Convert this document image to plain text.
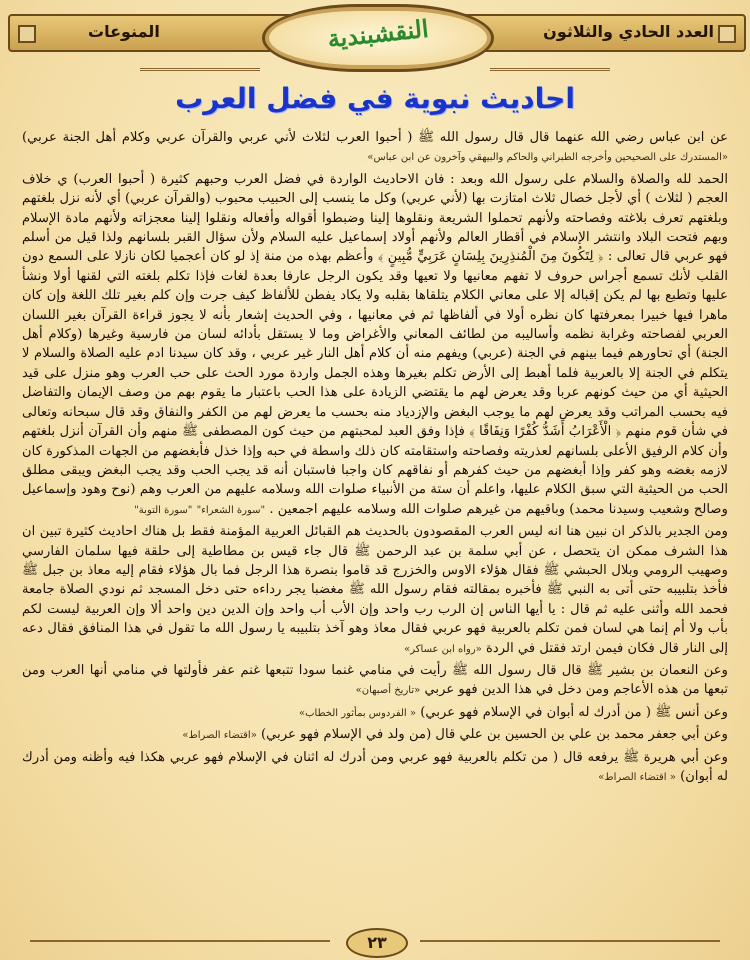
العدد الحادي والثلاثون
المنوعات	النقشبندية
احاديث نبوية في فضل العرب

عن ابن عباس رضي الله عنهما قال قال رسول الله ﷺ ( أحبوا العرب لثلاث لأني عربي والقرآن عربي وكلام أهل الجنة عربي) «المستدرك على الصحيحين وأخرجه الطبراني والحاكم والبيهقي وآخرون عن ابن عباس»

الحمد لله والصلاة والسلام على رسول الله وبعد : فان الاحاديث الواردة في فضل العرب وحبهم كثيرة ( أحبوا العرب) ي خلاف العجم ( لثلاث ) أي لأجل خصال ثلاث امتازت بها (لأني عربي) وكل ما ينسب إلى الحبيب محبوب (والقرآن عربي) أي لأنه نزل بلغتهم وبلغتهم تعرف بلاغته وفصاحته ولأنهم تحملوا الشريعة ونقلوها إلينا وضبطوا أقواله وأفعاله ونقلوا إلينا معجزاته ولأنهم مادة الإسلام وبهم فتحت البلاد وانتشر الإسلام في أقطار العالم ولأنهم أولاد إسماعيل عليه السلام ولأن سؤال القبر بلسانهم ولذا قيل من أسلم فهو عربي قال تعالى : ﴿ لِتَكُونَ مِنَ الْمُنذِرِينَ بِلِسَانٍ عَرَبِيٍّ مُّبِينٍ ﴾ وأعظم بهذه من منة إذ لو كان أعجميا لكان نازلا على السمع دون القلب لأنك تسمع أجراس حروف لا تفهم معانيها ولا تعيها وقد يكون الرجل عارفا بعدة لغات فإذا تكلم بلغته التي لقنها أولا ونشأ عليها وتطبع بها لم يكن إقباله إلا على معاني الكلام يتلقاها بقلبه ولا يكاد يفطن للألفاظ كيف جرت وإن كلم بغير تلك اللغة وإن كان ماهرا فيها خبيرا بمعرفتها كان نظره أولا في ألفاظها ثم في معانيها ، وفي الحديث إشعار بأنه لا يجوز قراءة القرآن بغير اللسان العربي لفصاحته وغرابة نظمه وأساليبه من لطائف المعاني والأغراض وما لا يستقل بأدائه لسان من فارسية وغيرها (وكلام أهل الجنة) أي تحاورهم فيما بينهم في الجنة (عربي) ويفهم منه أن كلام أهل النار غير عربي ، وقد كان سيدنا ادم عليه الصلاة والسلام لا يتكلم في الجنة إلا بالعربية فلما أهبط إلى الأرض تكلم بغيرها وهذه الجمل واردة مورد الحث على حب العرب وهو منزل على قيد الحيثية أي من حيث كونهم عربا وقد يعرض لهم ما يقتضي الزيادة على هذا الحب باعتبار ما يقوم بهم من وصف الإيمان والتفاضل فيه بحسب المراتب وقد يعرض لهم ما يوجب البغض والإزدياد منه بحسب ما يعرض لهم من الكفر والنفاق وقد قال سبحانه وتعالى في شأن قوم منهم ﴿ الْأَعْرَابُ أَشَدُّ كُفْرًا وَنِفَاقًا ﴾ فإذا وفق العبد لمحبتهم من حيث كون المصطفى ﷺ منهم وأن القرآن أنزل بلغتهم وأن كلام الرفيق الأعلى بلسانهم لعذريته وفصاحته واستقامته كان ذلك واسطة في حبه وإذا خذل فأبغضهم من الجهات المذكورة كان لازمه بغضه وهو كفر وإذا أبغضهم من حيث كفرهم أو نفاقهم كان واجبا فاستبان أنه قد يجب الحب وقد يجب البغض ويبقى مطلق الحب من الحيثية التي سبق الكلام عليها، واعلم أن ستة من الأنبياء صلوات الله وسلامه عليهم من العرب وهم (نوح وهود وإسماعيل وصالح وشعيب وسيدنا محمد) وباقيهم من غيرهم صلوات الله وسلامه عليهم اجمعين . "سورة الشعراء" "سورة التوبة"

ومن الجدير بالذكر ان نبين هنا انه ليس العرب المقصودون بالحديث هم القبائل العربية المؤمنة فقط بل هناك احاديث كثيرة تبين ان هذا الشرف ممكن ان يتحصل ، عن أبي سلمة بن عبد الرحمن ﷺ قال جاء قيس بن مطاطية إلى حلقة فيها سلمان الفارسي وصهيب الرومي وبلال الحبشي ﷺ فقال هؤلاء الاوس والخزرج قد قاموا بنصرة هذا الرجل فما بال هؤلاء فقام إليه معاذ بن جبل ﷺ فأخذ بتلبيبه حتى أتى به النبي ﷺ فأخبره بمقالته فقام رسول الله ﷺ مغضبا يجر رداءه حتى دخل المسجد ثم نودي الصلاة جامعة فحمد الله وأثنى عليه ثم قال : يا أيها الناس إن الرب رب واحد وإن الأب أب واحد وإن الدين دين واحد ألا وإن العربية ليست لكم بأب ولا أم إنما هي لسان فمن تكلم بالعربية فهو عربي فقال معاذ وهو آخذ بتلبيبه يا رسول الله ما تقول في هذا المنافق فقال دعه إلى النار قال فكان فيمن ارتد فقتل في الردة «رواه ابن عساكر»

وعن النعمان بن بشير ﷺ قال قال رسول الله ﷺ رأيت في منامي غنما سودا تتبعها غنم عفر فأولتها في منامي أنها العرب ومن تبعها من هذه الأعاجم ومن دخل في هذا الدين فهو عربي «تاريخ أصبهان»

وعن أنس ﷺ ( من أدرك له أبوان في الإسلام فهو عربي) « الفردوس بمأثور الخطاب»

وعن أبي جعفر محمد بن علي بن الحسين بن علي قال (من ولد في الإسلام فهو عربي) «اقتضاء الصراط»

وعن أبي هريرة ﷺ يرفعه قال ( من تكلم بالعربية فهو عربي ومن أدرك له اثنان في الإسلام فهو عربي هكذا فيه وأظنه ومن أدرك له أبوان) « اقتضاء الصراط»

٢٣
